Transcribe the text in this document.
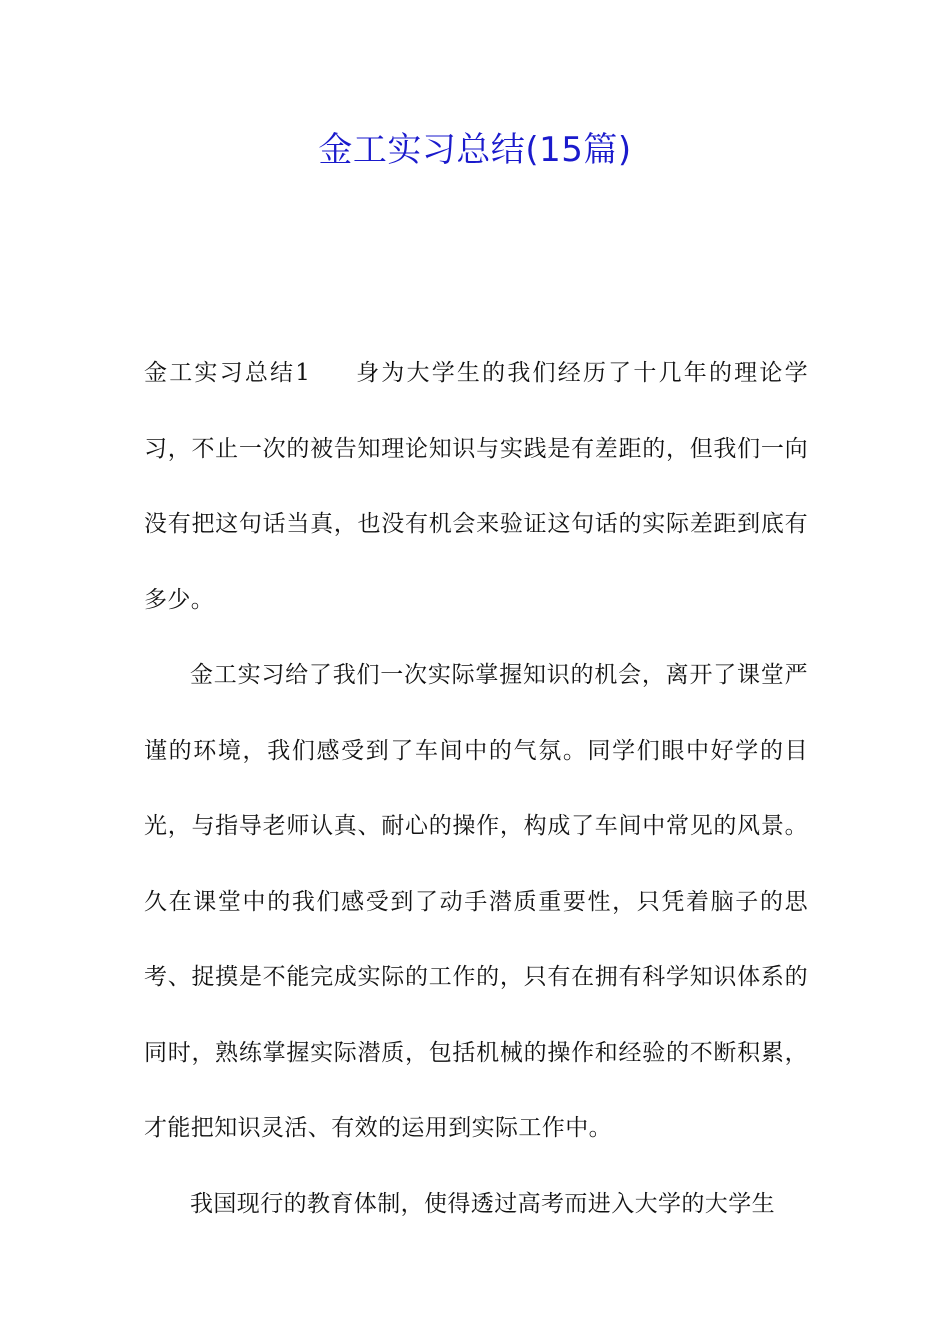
金工实习总结(15篇)

金工实习总结1 身为大学生的我们经历了十几年的理论学习，不止一次的被告知理论知识与实践是有差距的，但我们一向没有把这句话当真，也没有机会来验证这句话的实际差距到底有多少。

金工实习给了我们一次实际掌握知识的机会，离开了课堂严谨的环境，我们感受到了车间中的气氛。同学们眼中好学的目光，与指导老师认真、耐心的操作，构成了车间中常见的风景。久在课堂中的我们感受到了动手潜质重要性，只凭着脑子的思考、捉摸是不能完成实际的工作的，只有在拥有科学知识体系的同时，熟练掌握实际潜质，包括机械的操作和经验的不断积累，才能把知识灵活、有效的运用到实际工作中。

我国现行的教育体制，使得透过高考而进入大学的大学生
